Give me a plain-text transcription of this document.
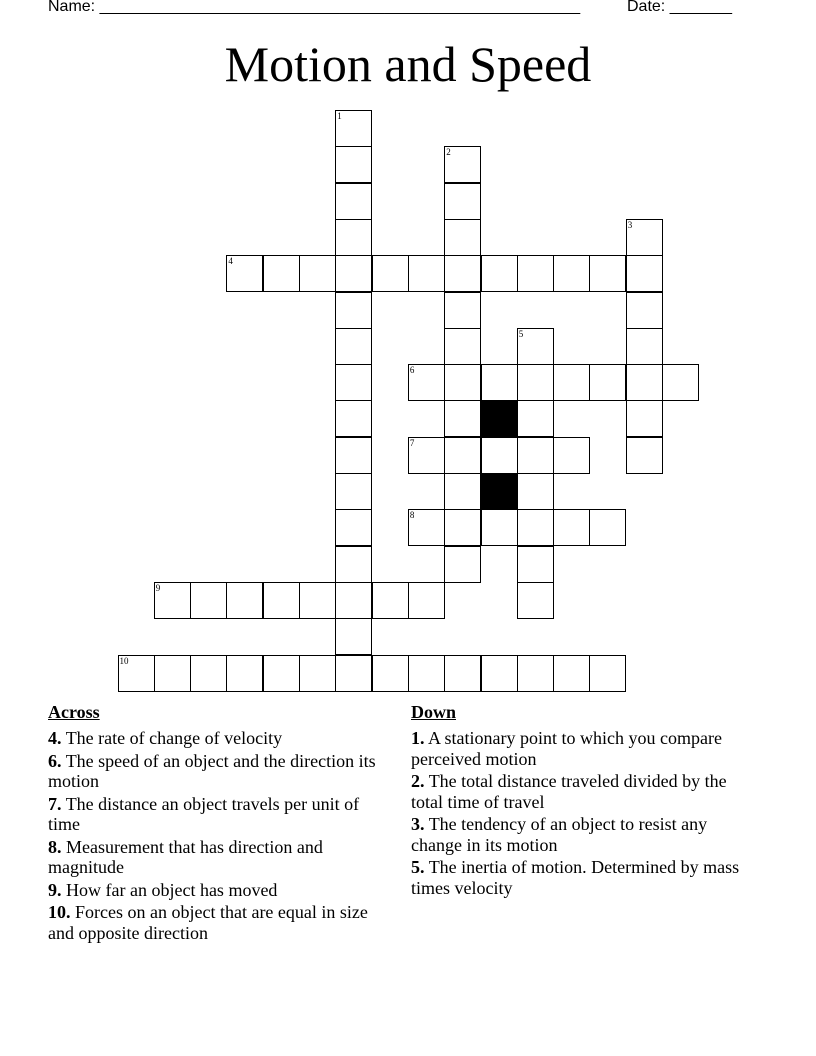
Name: ______________________________________________________	Date: _______
Motion and Speed
1
2
3
4
5
6
7
8
9
10
Across
4. The rate of change of velocity
6. The speed of an object and the direction its motion
7. The distance an object travels per unit of time
8. Measurement that has direction and magnitude
9. How far an object has moved
10. Forces on an object that are equal in size and opposite direction
Down
1. A stationary point to which you compare perceived motion
2. The total distance traveled divided by the total time of travel
3. The tendency of an object to resist any change in its motion
5. The inertia of motion. Determined by mass times velocity
